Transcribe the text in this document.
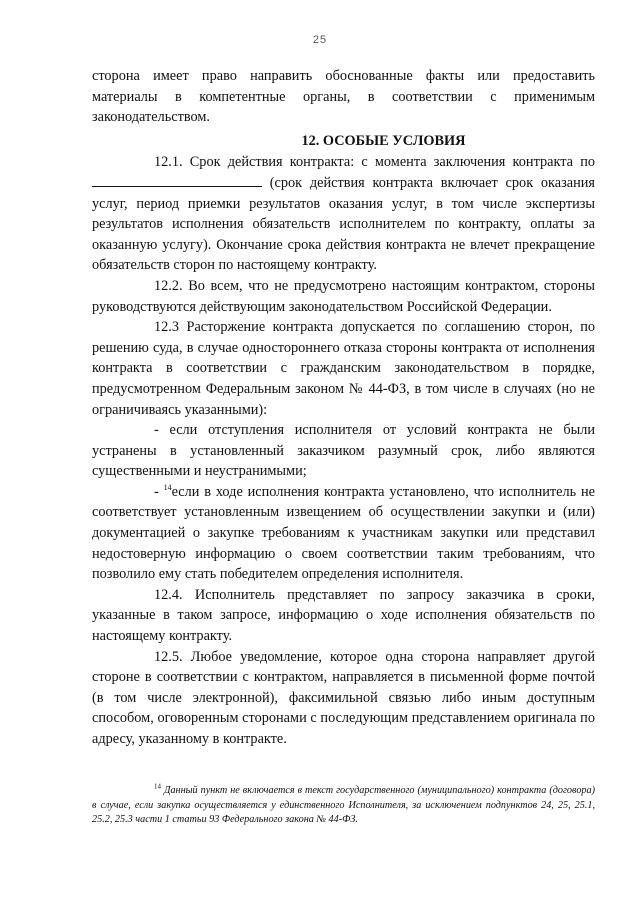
25

сторона имеет право направить обоснованные факты или предоставить материалы в компетентные органы, в соответствии с применимым законодательством.

12. ОСОБЫЕ УСЛОВИЯ

12.1. Срок действия контракта: с момента заключения контракта по  (срок действия контракта включает срок оказания услуг, период приемки результатов оказания услуг, в том числе экспертизы результатов исполнения обязательств исполнителем по контракту, оплаты за оказанную услугу). Окончание срока действия контракта не влечет прекращение обязательств сторон по настоящему контракту.

12.2. Во всем, что не предусмотрено настоящим контрактом, стороны руководствуются действующим законодательством Российской Федерации.

12.3 Расторжение контракта допускается по соглашению сторон, по решению суда, в случае одностороннего отказа стороны контракта от исполнения контракта в соответствии с гражданским законодательством в порядке, предусмотренном Федеральным законом № 44-ФЗ, в том числе в случаях (но не ограничиваясь указанными):

- если отступления исполнителя от условий контракта не были устранены в установленный заказчиком разумный срок, либо являются существенными и неустранимыми;

- $^{14}$если в ходе исполнения контракта установлено, что исполнитель не соответствует установленным извещением об осуществлении закупки и (или) документацией о закупке требованиям к участникам закупки или представил недостоверную информацию о своем соответствии таким требованиям, что позволило ему стать победителем определения исполнителя.

12.4. Исполнитель представляет по запросу заказчика в сроки, указанные в таком запросе, информацию о ходе исполнения обязательств по настоящему контракту.

12.5. Любое уведомление, которое одна сторона направляет другой стороне в соответствии с контрактом, направляется в письменной форме почтой (в том числе электронной), факсимильной связью либо иным доступным способом, оговоренным сторонами с последующим представлением оригинала по адресу, указанному в контракте.

$^{14}$ Данный пункт не включается в текст государственного (муниципального) контракта (договора) в случае, если закупка осуществляется у единственного Исполнителя, за исключением подпунктов 24, 25, 25.1, 25.2, 25.3 части 1 статьи 93 Федерального закона № 44-ФЗ.
